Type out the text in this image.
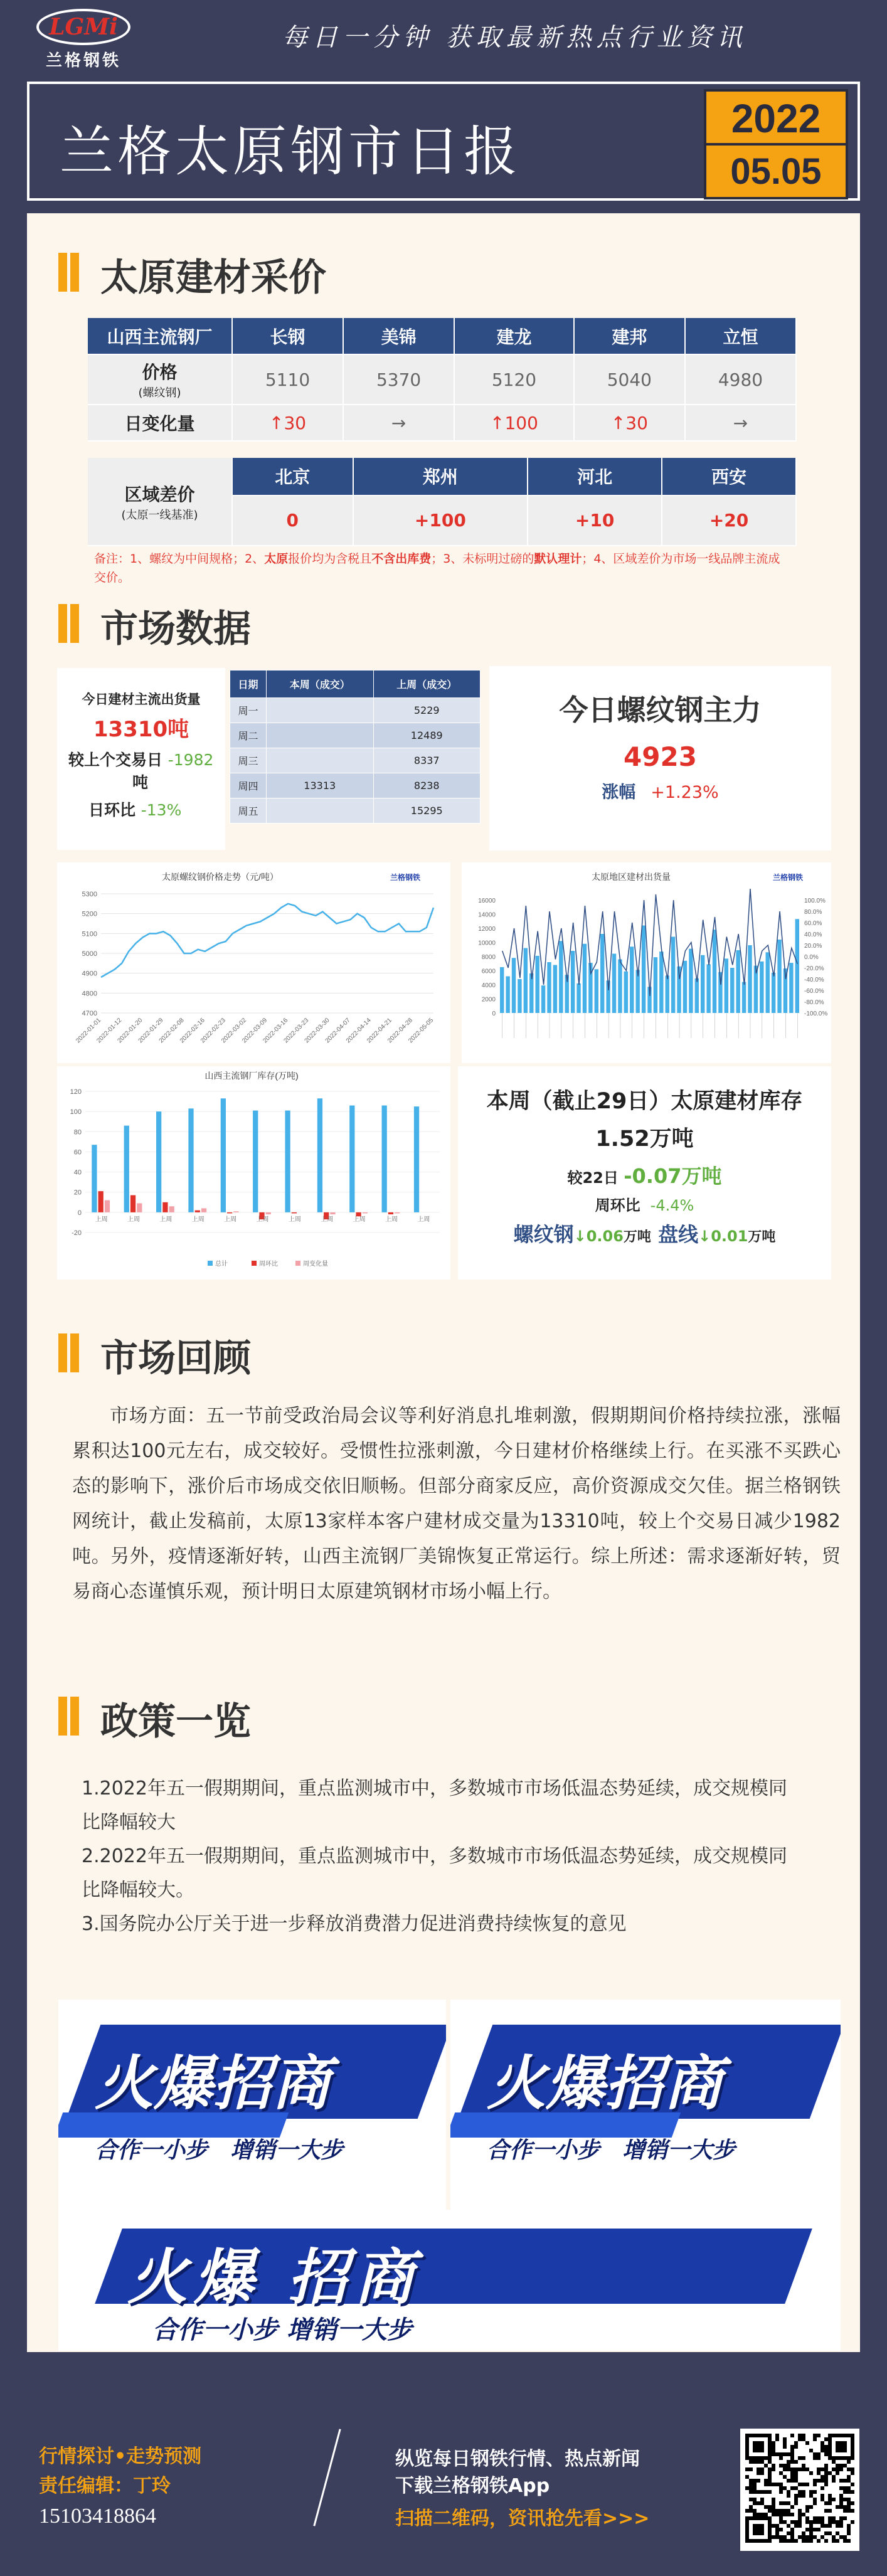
LGMi
兰格钢铁
每日一分钟 获取最新热点行业资讯
兰格太原钢市日报
2022
05.05
太原建材采价
山西主流钢厂	长钢	美锦	建龙	建邦	立恒
价格
(螺纹钢)	5110	5370	5120	5040	4980
日变化量	↑30	→	↑100	↑30	→
区域差价
(太原一线基准)	北京	郑州	河北	西安
	0	+100	+10	+20
备注：1、螺纹为中间规格；2、太原报价均为含税且不含出库费；3、未标明过磅的默认理计；4、区域差价为市场一线品牌主流成交价。
市场数据
今日建材主流出货量
13310吨
较上个交易日 -1982
吨
日环比 -13%
日期	本周（成交）	上周（成交）
周一		5229
周二		12489
周三		8337
周四	13313	8238
周五		15295
今日螺纹钢主力
4923
涨幅 +1.23%
太原螺纹钢价格走势（元/吨）	兰格钢铁
5300
5200
5100
5000
4900
4800
4700
2022-01-01
2022-01-12
2022-01-20
2022-01-29
2022-02-08
2022-02-16
2022-02-23
2022-03-02
2022-03-09
2022-03-16
2022-03-23
2022-03-30
2022-04-07
2022-04-14
2022-04-21
2022-04-28
2022-05-05
太原地区建材出货量	兰格钢铁
16000
14000
12000
10000
8000
6000
4000
2000
0
100.0%
80.0%
60.0%
40.0%
20.0%
0.0%
-20.0%
-40.0%
-60.0%
-80.0%
-100.0%
山西主流钢厂库存(万吨)
120
100
80
60
40
20
0
-20
上周	上周	上周	上周	上周	上周	上周	上周	上周	上周	上周
总计	周环比	周变化量
本周（截止29日）太原建材库存
1.52万吨
较22日 -0.07万吨
周环比 -4.4%
螺纹钢↓0.06万吨 盘线↓0.01万吨
市场回顾
市场方面：五一节前受政治局会议等利好消息扎堆刺激，假期期间价格持续拉涨，涨幅累积达100元左右，成交较好。受惯性拉涨刺激，今日建材价格继续上行。在买涨不买跌心态的影响下，涨价后市场成交依旧顺畅。但部分商家反应，高价资源成交欠佳。据兰格钢铁网统计，截止发稿前，太原13家样本客户建材成交量为13310吨，较上个交易日减少1982吨。另外，疫情逐渐好转，山西主流钢厂美锦恢复正常运行。综上所述：需求逐渐好转，贸易商心态谨慎乐观，预计明日太原建筑钢材市场小幅上行。
政策一览
1.2022年五一假期期间，重点监测城市中，多数城市市场低温态势延续，成交规模同比降幅较大
2.2022年五一假期期间，重点监测城市中，多数城市市场低温态势延续，成交规模同比降幅较大。
3.国务院办公厅关于进一步释放消费潜力促进消费持续恢复的意见
火爆招商
合作一小步　 增销一大步
火爆招商
合作一小步　 增销一大步
火爆 招商
合作一小步 增销一大步
行情探讨•走势预测
责任编辑：丁玲
15103418864
纵览每日钢铁行情、热点新闻
下载兰格钢铁App
扫描二维码，资讯抢先看>>>
